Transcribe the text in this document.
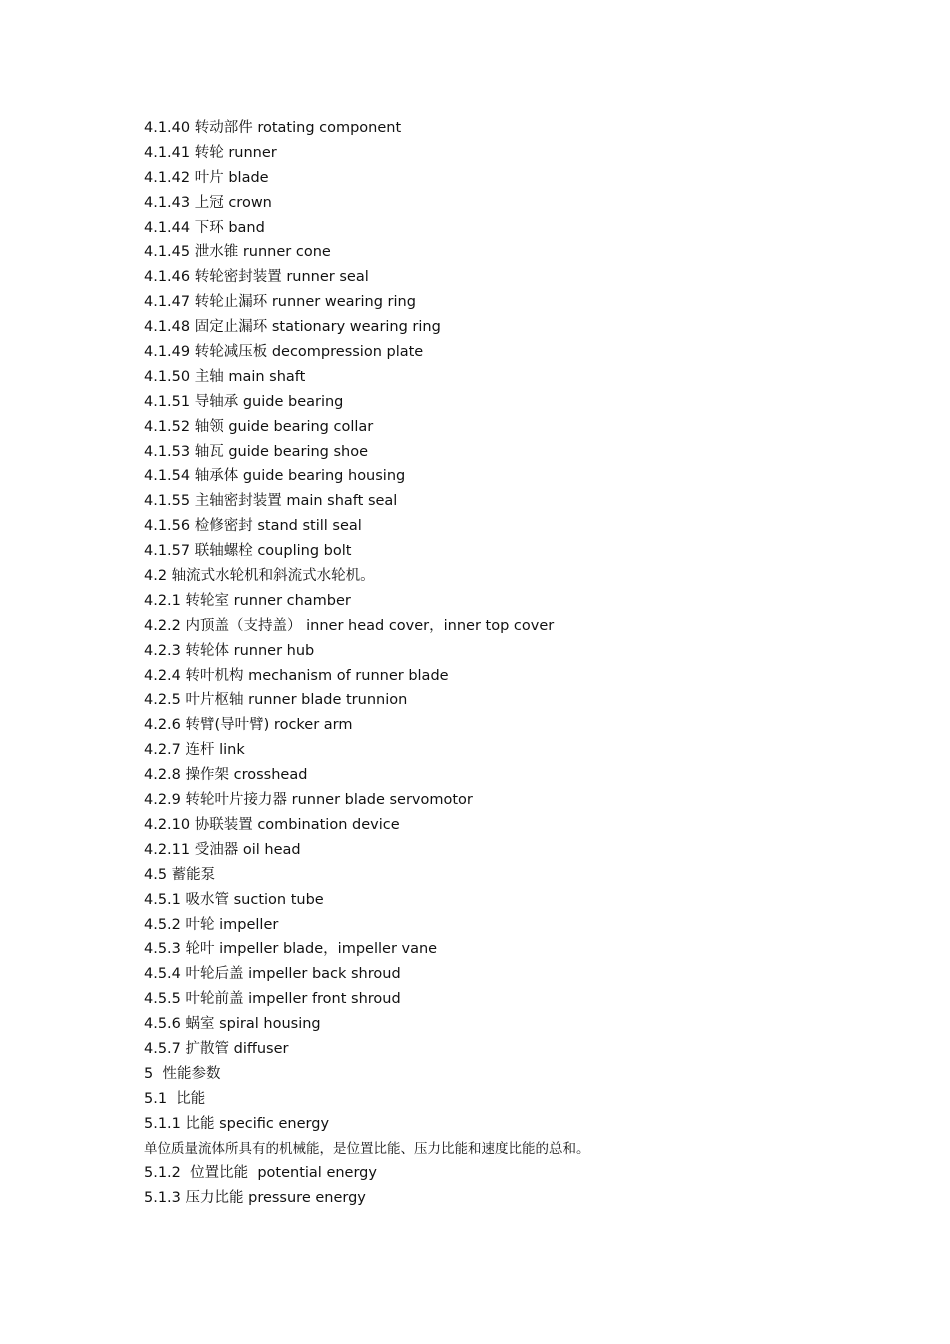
4.1.40 转动部件 rotating component
4.1.41 转轮 runner
4.1.42 叶片 blade
4.1.43 上冠 crown
4.1.44 下环 band
4.1.45 泄水锥 runner cone
4.1.46 转轮密封装置 runner seal
4.1.47 转轮止漏环 runner wearing ring
4.1.48 固定止漏环 stationary wearing ring
4.1.49 转轮减压板 decompression plate
4.1.50 主轴 main shaft
4.1.51 导轴承 guide bearing
4.1.52 轴领 guide bearing collar
4.1.53 轴瓦 guide bearing shoe
4.1.54 轴承体 guide bearing housing
4.1.55 主轴密封装置 main shaft seal
4.1.56 检修密封 stand still seal
4.1.57 联轴螺栓 coupling bolt
4.2 轴流式水轮机和斜流式水轮机。
4.2.1 转轮室 runner chamber
4.2.2 内顶盖（支持盖） inner head cover，inner top cover
4.2.3 转轮体 runner hub
4.2.4 转叶机构 mechanism of runner blade
4.2.5 叶片枢轴 runner blade trunnion
4.2.6 转臂(导叶臂) rocker arm
4.2.7 连杆 link
4.2.8 操作架 crosshead
4.2.9 转轮叶片接力器 runner blade servomotor
4.2.10 协联装置 combination device
4.2.11 受油器 oil head
4.5 蓄能泵
4.5.1 吸水管 suction tube
4.5.2 叶轮 impeller
4.5.3 轮叶 impeller blade，impeller vane
4.5.4 叶轮后盖 impeller back shroud
4.5.5 叶轮前盖 impeller front shroud
4.5.6 蜗室 spiral housing
4.5.7 扩散管 diffuser
5  性能参数
5.1  比能
5.1.1 比能 specific energy
单位质量流体所具有的机械能，是位置比能、压力比能和速度比能的总和。
5.1.2  位置比能  potential energy
5.1.3 压力比能 pressure energy
